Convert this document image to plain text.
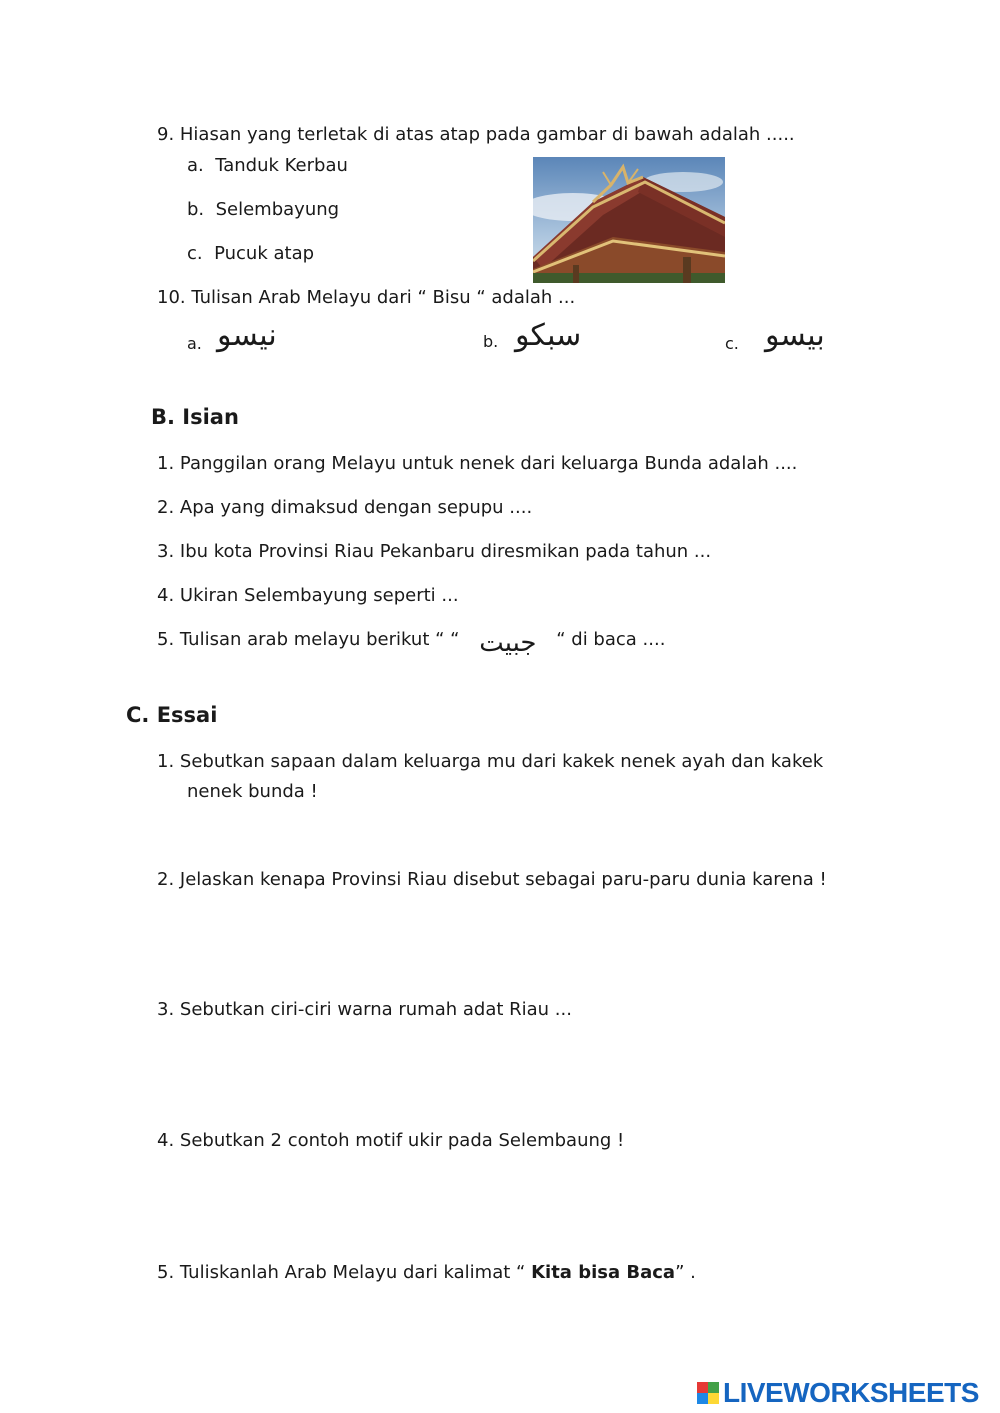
9. Hiasan yang terletak di atas atap pada gambar di bawah adalah .....
a. Tanduk Kerbau
b. Selembayung
c. Pucuk atap
10. Tulisan Arab Melayu dari “ Bisu “ adalah ...
a. نيسو	b. سبكو	c. بيسو
B. Isian
1. Panggilan orang Melayu untuk nenek dari keluarga Bunda adalah ....
2. Apa yang dimaksud dengan sepupu ....
3. Ibu kota Provinsi Riau Pekanbaru diresmikan pada tahun ...
4. Ukiran Selembayung seperti ...
5. Tulisan arab melayu berikut “ “ جبيت “ di baca ....
C. Essai
1. Sebutkan sapaan dalam keluarga mu dari kakek nenek ayah dan kakek
nenek bunda !
2. Jelaskan kenapa Provinsi Riau disebut sebagai paru-paru dunia karena !
3. Sebutkan ciri-ciri warna rumah adat Riau ...
4. Sebutkan 2 contoh motif ukir pada Selembaung !
5. Tuliskanlah Arab Melayu dari kalimat “ Kita bisa Baca” .
LIVEWORKSHEETS
